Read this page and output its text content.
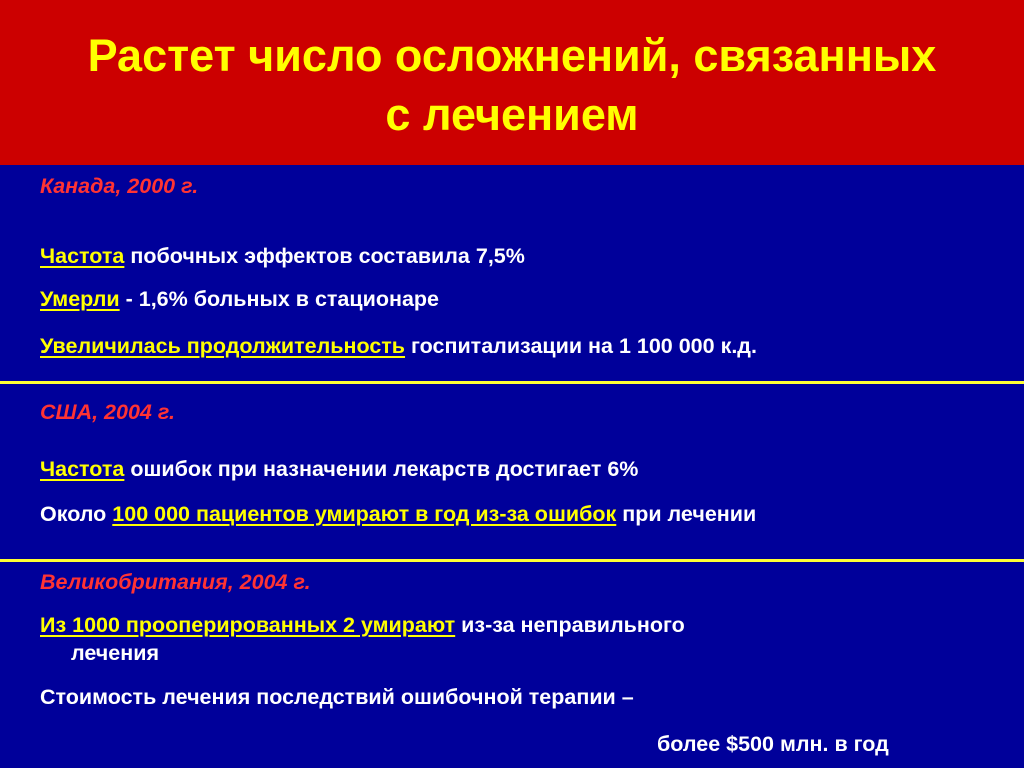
Растет число осложнений, связанных
с лечением
Канада, 2000 г.
Частота побочных эффектов составила 7,5%
Умерли - 1,6% больных в стационаре
Увеличилась продолжительность госпитализации на 1 100 000 к.д.
США, 2004 г.
Частота ошибок при назначении лекарств достигает 6%
Около 100 000 пациентов умирают в год из-за ошибок при лечении
Великобритания, 2004 г.
Из 1000 прооперированных 2 умирают из-за неправильного
лечения
Стоимость лечения последствий ошибочной терапии –
более $500 млн. в год
